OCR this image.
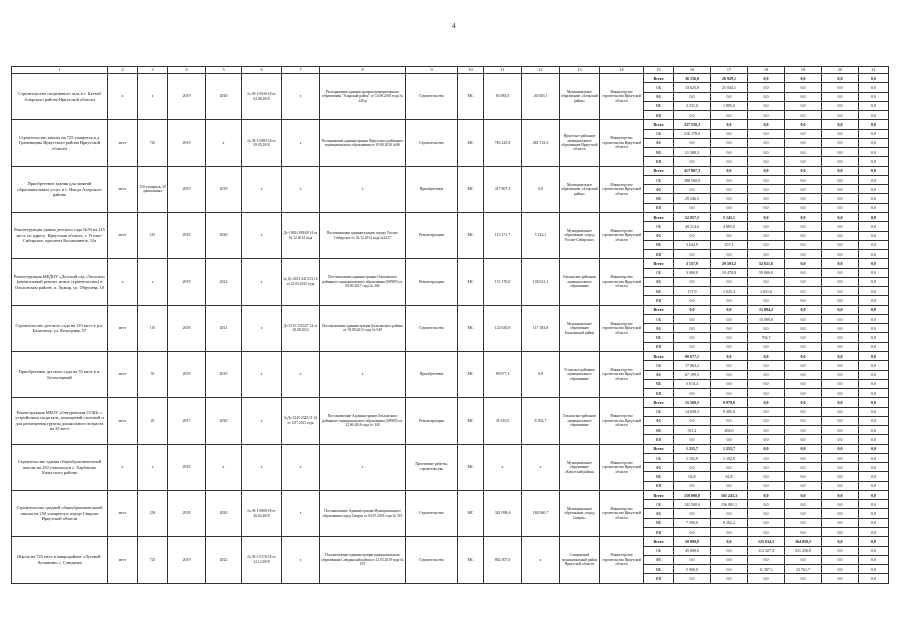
4
1	2	3	4	5	6	7	8	9	10	11	12	13	14	15	16	17	18	19	20	21
Строительство спортивного зала в с. Бахтай Аларского района Иркутской области	х	х	2019	2020	№ 38-1-0636-18 от 02.08.2018	х	Распоряжение администрации муниципального образования "Аларский район" от 14.08.2018 года № 226-р	Строительство	МС	63 083,5	26 929,1	Муниципальное образование «Аларский район»	Министерство строительства Иркутской области	Всего	36 156,8	26 929,1	0,0	0,0	0,0	0,0
														ОБ	33 625,8	25 044,1	0,0	0,0	0,0	0,0
														ФБ	0,0	0,0	0,0	0,0	0,0	0,0
														МБ	2 531,0	1 885,0	0,0	0,0	0,0	0,0
														ИИ	0,0	0,0	0,0	0,0	0,0	0,0
Строительство школы на 725 учащихся в д. Грановщина Иркутского района Иркутской области	мест	725	2019	х	№ 38-1-0383-18 от 29.05.2018	х	Распоряжение администрации Иркутского районного муниципального образования от 10.08.2018 №86	Строительство	МС	763 245,8	481 133,3	Иркутское районное муниципальное образование Иркутской области	Министерство строительства Иркутской области	Всего	237 558,3	0,0	0,0	0,0	0,0	0,0
														ОБ	216 178,0	0,0	0,0	0,0	0,0	0,0
														ФБ	0,0	0,0	0,0	0,0	0,0	0,0
														МБ	21 380,3	0,0	0,0	0,0	0,0	0,0
														ИИ	0,0	0,0	0,0	0,0	0,0	0,0
Приобретение здания для занятий образовательных услуг в с. Ныгда Аларского района	мест	120 учащихся, 50 дошкольных	2019	2019	х	х	х	Приобретение	МС	417 807,3	0,0	Муниципальное образование «Аларский район»	Министерство строительства Иркутской области	Всего	417 807,3	0,0	0,0	0,0	0,0	0,0
														ОБ	388 560,8	0,0	0,0	0,0	0,0	0,0
														ФБ	0,0	0,0	0,0	0,0	0,0	0,0
														МБ	29 246,5	0,0	0,0	0,0	0,0	0,0
														ИИ	0,0	0,0	0,0	0,0	0,0	0,0
Реконструкция здания детского сада №39 на 215 мест, по адресу: Иркутская область, г. Усолье-Сибирское, проспект Космонавтов, 12а	мест	215	2018	2020	х	Дс-1188-1188/09 14 от 01.12.2014 года	Постановление администрации города Усолье-Сибирское от 24.12.2014 года №2227	Реконструкция	МС	113 171,7	5 142,1	Муниципальное образование «город Усолье-Сибирское»	Министерство строительства Иркутской области	Всего	52 857,5	5 142,1	0,0	0,0	0,0	0,0
														ОБ	49 214,6	4 885,0	0,0	0,0	0,0	0,0
														ФБ	0,0	0,0	0,0	0,0	0,0	0,0
														МБ	3 642,9	257,1	0,0	0,0	0,0	0,0
														ИИ	0,0	0,0	0,0	0,0	0,0	0,0
Реконструкция МБДОУ «Детский сад «Тополек» (капитальный ремонт, новое строительство) в Ольхонском районе, п. Хужир, ул. Обручева, 10	х	х	2019	2022	х	№ Дс-2413-2413/12.14 от 22.05.2015 года	Постановление администрации Ольхонского районного муниципального образования (ОРМО) от 08.06.2017 года № 266	Реконструкция	МС	151 170,0	148 012,1	Ольхонское районное муниципальное образование	Министерство строительства Иркутской области	Всего	3 157,9	29 503,2	52 631,6	0,0	0,0	0,0
														ОБ	3 000,0	19 478,8	50 000,0	0,0	0,0	0,0
														ФБ	0,0	0,0	0,0	0,0	0,0	0,0
														МБ	157,9	1 025,3	2 631,6	0,0	0,0	0,0
														ИИ	0,0	0,0	0,0	0,0	0,0	0,0
Строительство детского сада на 110 мест в р.п. Балаганск, ул. Кольцевая, 57	мест	110	2018	2021	х	Дс-1515-1515/07 14 от 28.08.2014	Постановление администрации Балаганского района от 18.09.2013 года № 549	Строительство	МС	122 630,8	117 183,8	Муниципальное образование Балаганский район	Министерство строительства Иркутской области	Всего	0,0	0,0	15 894,2	0,0	0,0	0,0
														ОБ	0,0	0,0	15 099,6	0,0	0,0	0,0
														ФБ	0,0	0,0	0,0	0,0	0,0	0,0
														МБ	0,0	0,0	794,7	0,0	0,0	0,0
														ИИ	0,0	0,0	0,0	0,0	0,0	0,0
Приобретение детского сада на 55 мест в п. Белоозерный	мест	55	2019	2019	х	х	х	Приобретение	МС	90 677,1	0,0	Усольское районное муниципальное образование	Министерство строительства Иркутской области	Всего	90 677,1	0,0	0,0	0,0	0,0	0,0
														ОБ	17 863,2	0,0	0,0	0,0	0,0	0,0
														ФБ	67 199,5	0,0	0,0	0,0	0,0	0,0
														МБ	5 614,4	0,0	0,0	0,0	0,0	0,0
														ИИ	0,0	0,0	0,0	0,0	0,0	0,0
Реконструкция МБОУ «Онгуренская СОШ» с устройством спортзала, помещений столовой и для размещения группы дошкольного возраста на 25 мест	мест	25	2017	2020	х	№Дс-2345-2345/11.14 от 5.07.2015 года	Постановление Администрации Ольхонского районного муниципального образования (ОРМО) от 22.06.2016 года № 140	Реконструкция	МС	31 610,5	6 502,7	Ольхонское районное муниципальное образование	Министерство строительства Иркутской области	Всего	15 569,5	9 879,0	0,0	0,0	0,0	0,0
														ОБ	14 658,3	9 385,0	0,0	0,0	0,0	0,0
														ФБ	0,0	0,0	0,0	0,0	0,0	0,0
														МБ	911,2	494,0	0,0	0,0	0,0	0,0
														ИИ	0,0	0,0	0,0	0,0	0,0	0,0
Строительство здания общеобразовательной школы на 250 учащихся в с. Харбатово Качугского района	х	х	2018	х	х	х	х	Проектные работы, строительство	МС	х	х	Муниципальное образование «Качугский район»	Министерство строительства Иркутской области	Всего	1 255,7	1 255,7	0,0	0,0	0,0	0,0
														ОБ	1 192,9	1 192,9	0,0	0,0	0,0	0,0
														ФБ	0,0	0,0	0,0	0,0	0,0	0,0
														МБ	62,8	62,8	0,0	0,0	0,0	0,0
														ИИ	0,0	0,0	0,0	0,0	0,0	0,0
Строительство средней общеобразовательной школы на 250 учащихся в городе Свирске Иркутской области	мест	250	2018	2020	№ 38-1-0000-18 от 26.02.2018	х	Постановление Администрации Муниципального образования город Свирск от 03.07.2018 года № 519	Строительство	МС	341 098,4	184 940,7	Муниципальное образование «город Свирск»	Министерство строительства Иркутской области	Всего	150 000,0	165 243,3	0,0	0,0	0,0	0,0
														ОБ	142 500,0	156 981,1	0,0	0,0	0,0	0,0
														ФБ	0,0	0,0	0,0	0,0	0,0	0,0
														МБ	7 500,0	8 262,2	0,0	0,0	0,0	0,0
														ИИ	0,0	0,0	0,0	0,0	0,0	0,0
Школа на 725 мест в микрорайоне «Луговой-Лучинино» г. Слюдянка	мест	725	2019	2022	№ 38-1-0176-18 от 12.12.2018	х	Постановление администрации муниципального образования Слюдянский район от 21.03.2019 года № 167	Строительство	МС	802 307,0	х	Слюдянский муниципальный район Иркутской области	Министерство строительства Иркутской области	Всего	50 000,0	0,0	125 634,5	364 058,5	0,0	0,0
														ОБ	45 000,0	0,0	114 327,4	331 256,8	0,0	0,0
														ФБ	0,0	0,0	0,0	0,0	0,0	0,0
														МБ	5 000,0	0,0	11 307,1	32 761,7	0,0	0,0
														ИИ	0,0	0,0	0,0	0,0	0,0	0,0
